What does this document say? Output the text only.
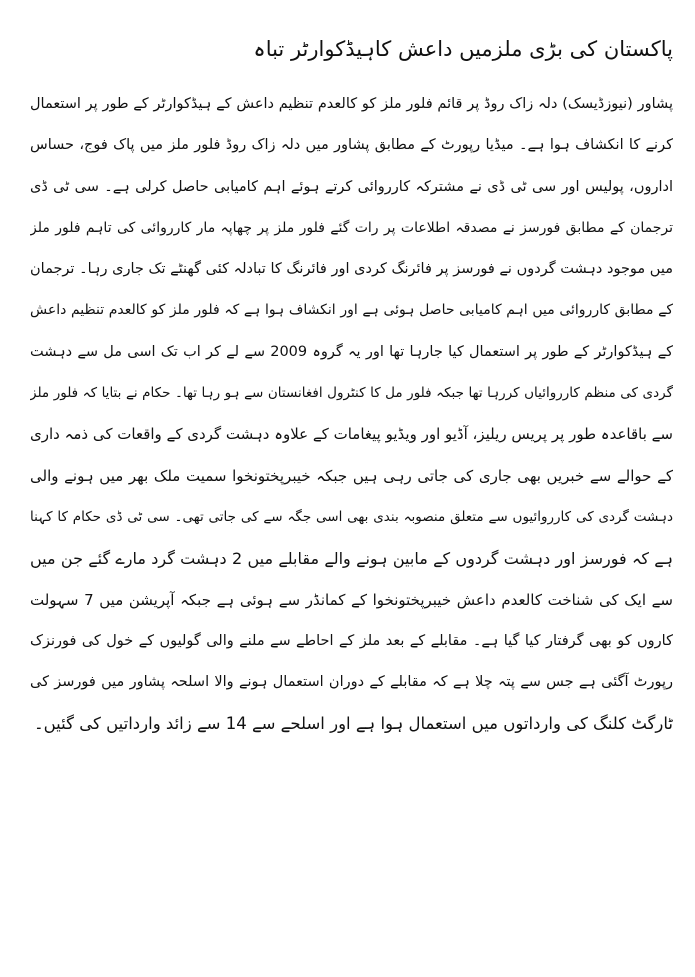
پاکستان کی بڑی ملزمیں داعش کاہیڈکوارٹر تباہ
پشاور (نیوزڈیسک) دلہ زاک روڈ پر قائم فلور ملز کو کالعدم تنظیم داعش کے ہیڈکوارٹر کے طور پر استعمال
کرنے کا انکشاف ہوا ہے۔ میڈیا رپورٹ کے مطابق پشاور میں دلہ زاک روڈ فلور ملز میں پاک فوج، حساس
اداروں، پولیس اور سی ٹی ڈی نے مشترکہ کارروائی کرتے ہوئے اہم کامیابی حاصل کرلی ہے۔ سی ٹی ڈی
ترجمان کے مطابق فورسز نے مصدقہ اطلاعات پر رات گئے فلور ملز پر چھاپہ مار کارروائی کی تاہم فلور ملز
میں موجود دہشت گردوں نے فورسز پر فائرنگ کردی اور فائرنگ کا تبادلہ کئی گھنٹے تک جاری رہا۔ ترجمان
کے مطابق کارروائی میں اہم کامیابی حاصل ہوئی ہے اور انکشاف ہوا ہے کہ فلور ملز کو کالعدم تنظیم داعش
کے ہیڈکوارٹر کے طور پر استعمال کیا جارہا تھا اور یہ گروہ 2009 سے لے کر اب تک اسی مل سے دہشت
گردی کی منظم کارروائیاں کررہا تھا جبکہ فلور مل کا کنٹرول افغانستان سے ہو رہا تھا۔ حکام نے بتایا کہ فلور ملز
سے باقاعدہ طور پر پریس ریلیز، آڈیو اور ویڈیو پیغامات کے علاوہ دہشت گردی کے واقعات کی ذمہ داری
کے حوالے سے خبریں بھی جاری کی جاتی رہی ہیں جبکہ خیبرپختونخوا سمیت ملک بھر میں ہونے والی
دہشت گردی کی کارروائیوں سے متعلق منصوبہ بندی بھی اسی جگہ سے کی جاتی تھی۔ سی ٹی ڈی حکام کا کہنا
ہے کہ فورسز اور دہشت گردوں کے مابین ہونے والے مقابلے میں 2 دہشت گرد مارے گئے جن میں
سے ایک کی شناخت کالعدم داعش خیبرپختونخوا کے کمانڈر سے ہوئی ہے جبکہ آپریشن میں 7 سہولت
کاروں کو بھی گرفتار کیا گیا ہے۔ مقابلے کے بعد ملز کے احاطے سے ملنے والی گولیوں کے خول کی فورنزک
رپورٹ آگئی ہے جس سے پتہ چلا ہے کہ مقابلے کے دوران استعمال ہونے والا اسلحہ پشاور میں فورسز کی
ٹارگٹ کلنگ کی وارداتوں میں استعمال ہوا ہے اور اسلحے سے 14 سے زائد وارداتیں کی گئیں۔
